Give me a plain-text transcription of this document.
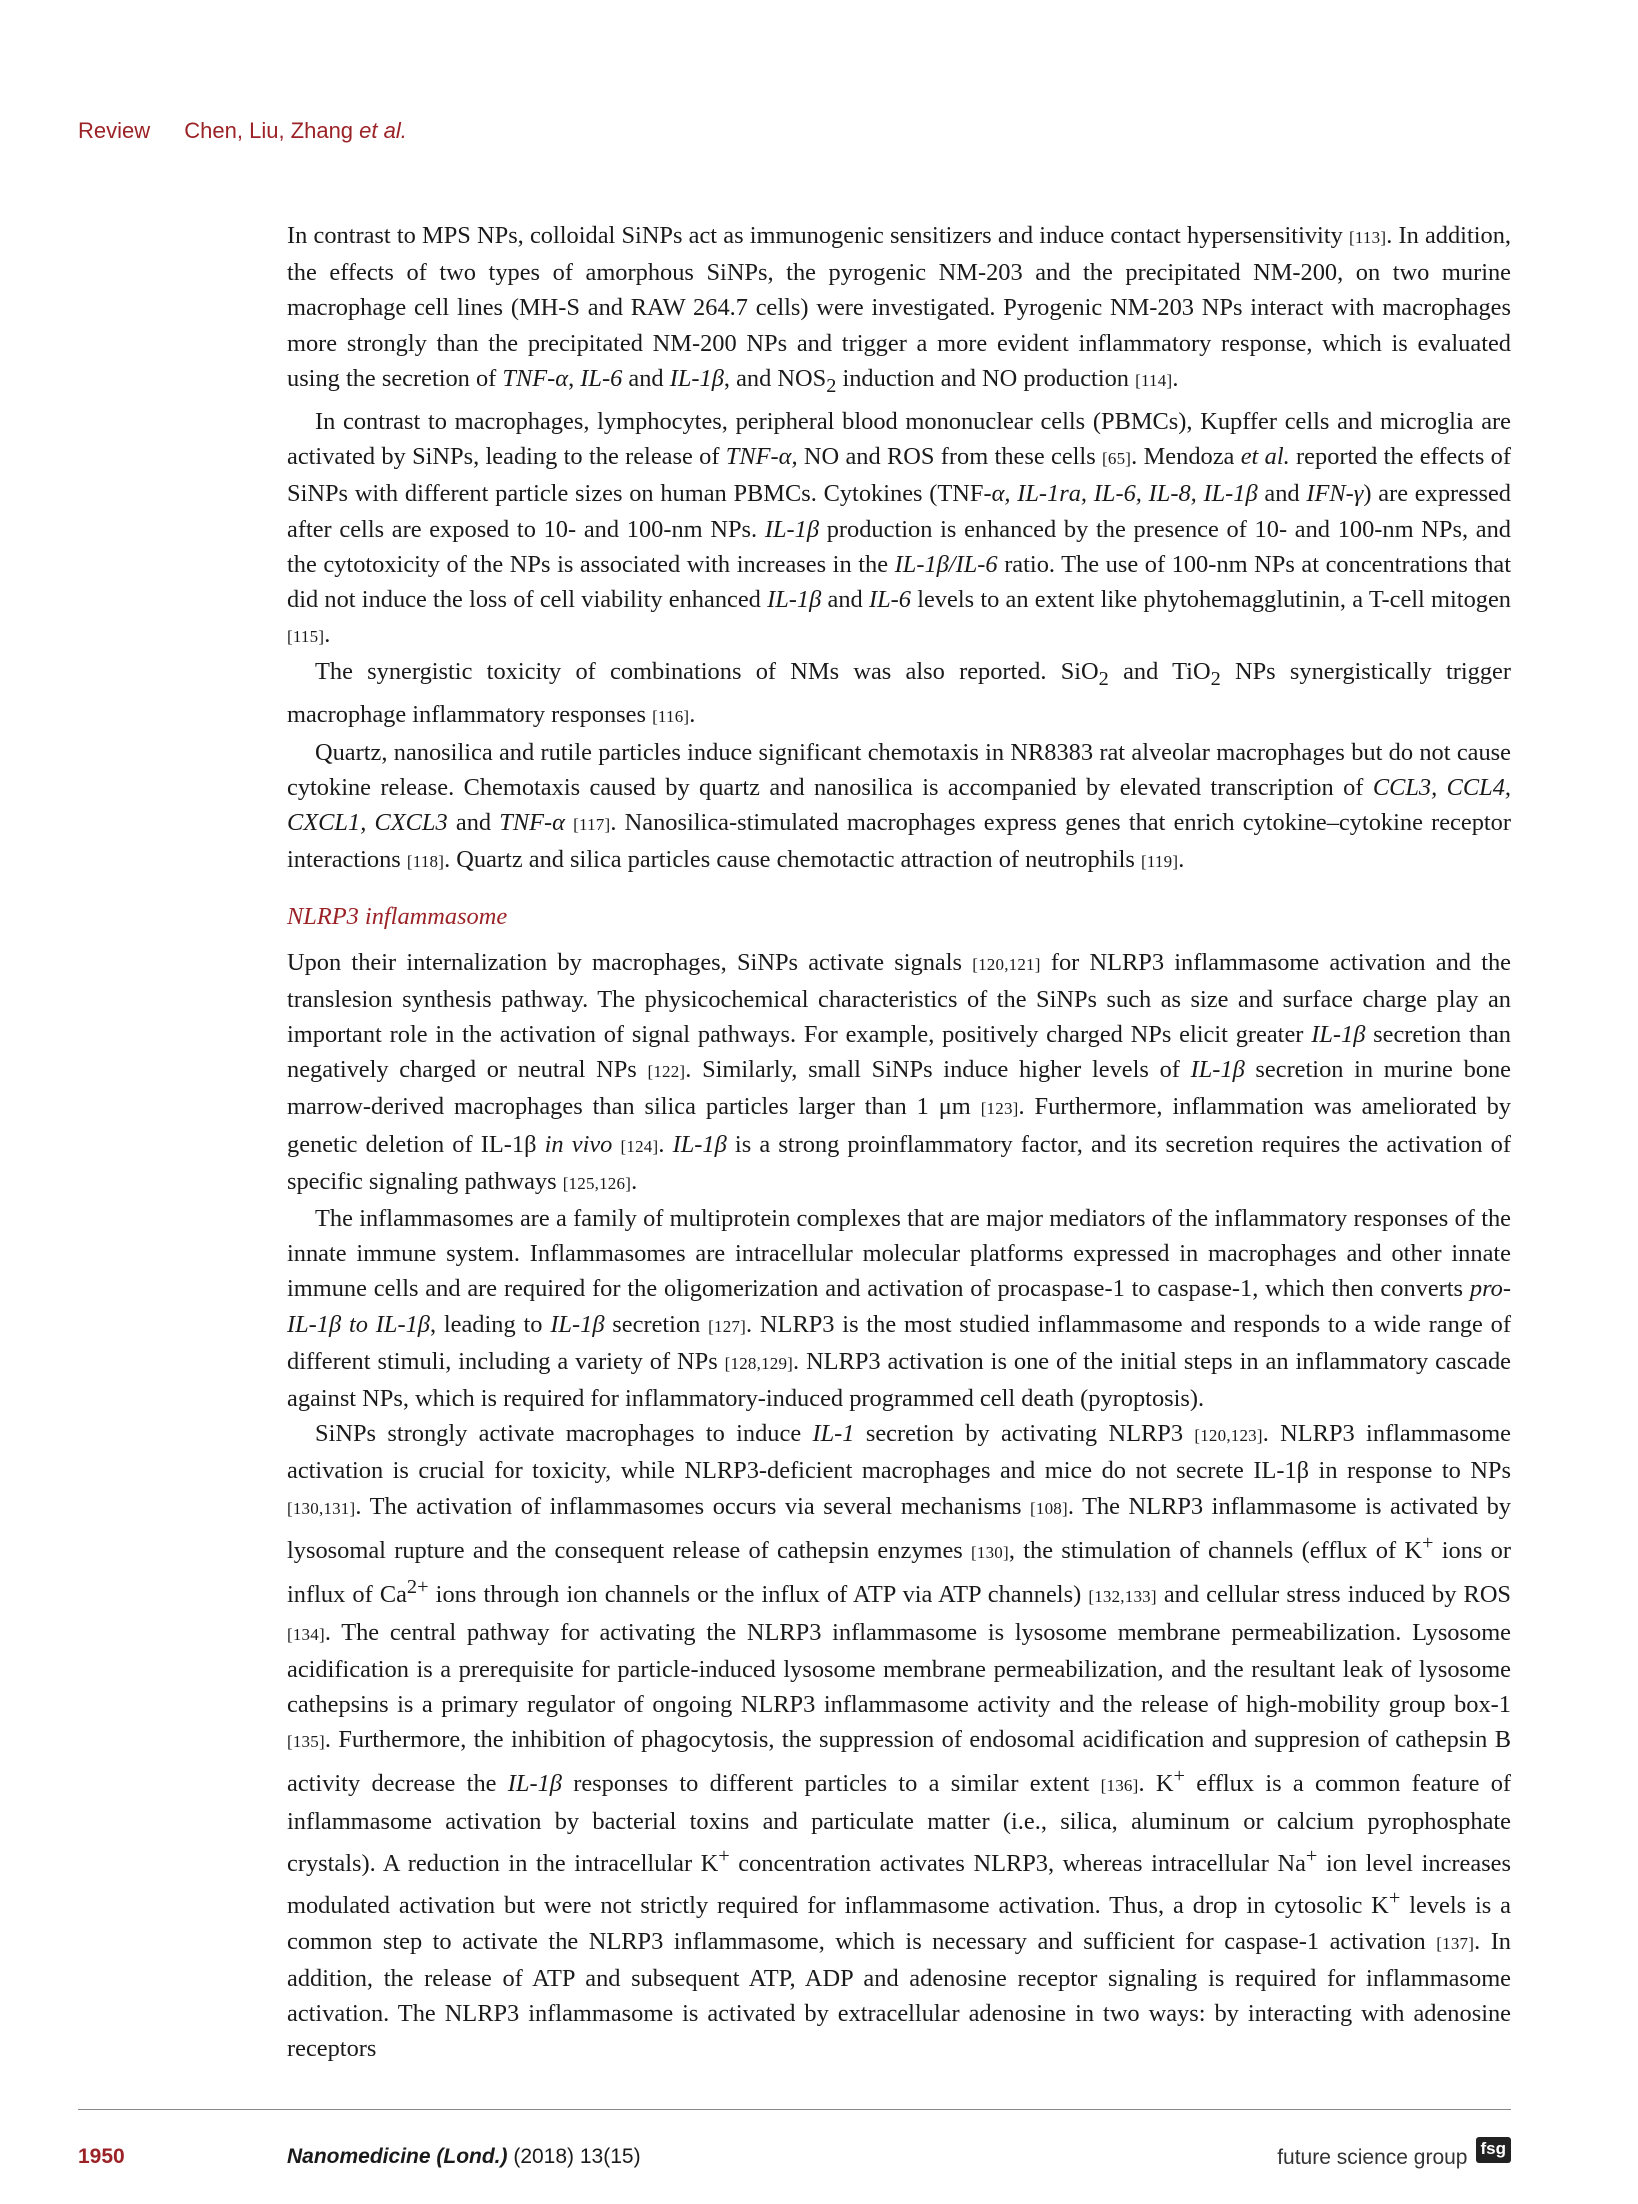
Review Chen, Liu, Zhang et al.

In contrast to MPS NPs, colloidal SiNPs act as immunogenic sensitizers and induce contact hypersensitivity [113]. In addition, the effects of two types of amorphous SiNPs, the pyrogenic NM-203 and the precipitated NM-200, on two murine macrophage cell lines (MH-S and RAW 264.7 cells) were investigated. Pyrogenic NM-203 NPs interact with macrophages more strongly than the precipitated NM-200 NPs and trigger a more evident inflammatory response, which is evaluated using the secretion of TNF-α, IL-6 and IL-1β, and $NOS_2$ induction and NO production [114].

In contrast to macrophages, lymphocytes, peripheral blood mononuclear cells (PBMCs), Kupffer cells and microglia are activated by SiNPs, leading to the release of TNF-α, NO and ROS from these cells [65]. Mendoza et al. reported the effects of SiNPs with different particle sizes on human PBMCs. Cytokines (TNF-α, IL-1ra, IL-6, IL-8, IL-1β and IFN-γ) are expressed after cells are exposed to 10- and 100-nm NPs. IL-1β production is enhanced by the presence of 10- and 100-nm NPs, and the cytotoxicity of the NPs is associated with increases in the IL-1β/IL-6 ratio. The use of 100-nm NPs at concentrations that did not induce the loss of cell viability enhanced IL-1β and IL-6 levels to an extent like phytohemagglutinin, a T-cell mitogen [115].

The synergistic toxicity of combinations of NMs was also reported. SiO$_2$ and TiO$_2$ NPs synergistically trigger macrophage inflammatory responses [116].

Quartz, nanosilica and rutile particles induce significant chemotaxis in NR8383 rat alveolar macrophages but do not cause cytokine release. Chemotaxis caused by quartz and nanosilica is accompanied by elevated transcription of CCL3, CCL4, CXCL1, CXCL3 and TNF-α [117]. Nanosilica-stimulated macrophages express genes that enrich cytokine–cytokine receptor interactions [118]. Quartz and silica particles cause chemotactic attraction of neutrophils [119].

NLRP3 inflammasome

Upon their internalization by macrophages, SiNPs activate signals [120,121] for NLRP3 inflammasome activation and the translesion synthesis pathway. The physicochemical characteristics of the SiNPs such as size and surface charge play an important role in the activation of signal pathways. For example, positively charged NPs elicit greater IL-1β secretion than negatively charged or neutral NPs [122]. Similarly, small SiNPs induce higher levels of IL-1β secretion in murine bone marrow-derived macrophages than silica particles larger than 1 μm [123]. Furthermore, inflammation was ameliorated by genetic deletion of IL-1β in vivo [124]. IL-1β is a strong proinflammatory factor, and its secretion requires the activation of specific signaling pathways [125,126].

The inflammasomes are a family of multiprotein complexes that are major mediators of the inflammatory responses of the innate immune system. Inflammasomes are intracellular molecular platforms expressed in macrophages and other innate immune cells and are required for the oligomerization and activation of procaspase-1 to caspase-1, which then converts pro-IL-1β to IL-1β, leading to IL-1β secretion [127]. NLRP3 is the most studied inflammasome and responds to a wide range of different stimuli, including a variety of NPs [128,129]. NLRP3 activation is one of the initial steps in an inflammatory cascade against NPs, which is required for inflammatory-induced programmed cell death (pyroptosis).

SiNPs strongly activate macrophages to induce IL-1 secretion by activating NLRP3 [120,123]. NLRP3 inflammasome activation is crucial for toxicity, while NLRP3-deficient macrophages and mice do not secrete IL-1β in response to NPs [130,131]. The activation of inflammasomes occurs via several mechanisms [108]. The NLRP3 inflammasome is activated by lysosomal rupture and the consequent release of cathepsin enzymes [130], the stimulation of channels (efflux of K+ ions or influx of $Ca^{2+}$ ions through ion channels or the influx of ATP via ATP channels) [132,133] and cellular stress induced by ROS [134]. The central pathway for activating the NLRP3 inflammasome is lysosome membrane permeabilization. Lysosome acidification is a prerequisite for particle-induced lysosome membrane permeabilization, and the resultant leak of lysosome cathepsins is a primary regulator of ongoing NLRP3 inflammasome activity and the release of high-mobility group box-1 [135]. Furthermore, the inhibition of phagocytosis, the suppression of endosomal acidification and suppresion of cathepsin B activity decrease the IL-1β responses to different particles to a similar extent [136]. K+ efflux is a common feature of inflammasome activation by bacterial toxins and particulate matter (i.e., silica, aluminum or calcium pyrophosphate crystals). A reduction in the intracellular K+ concentration activates NLRP3, whereas intracellular Na+ ion level increases modulated activation but were not strictly required for inflammasome activation. Thus, a drop in cytosolic K+ levels is a common step to activate the NLRP3 inflammasome, which is necessary and sufficient for caspase-1 activation [137]. In addition, the release of ATP and subsequent ATP, ADP and adenosine receptor signaling is required for inflammasome activation. The NLRP3 inflammasome is activated by extracellular adenosine in two ways: by interacting with adenosine receptors

1950	Nanomedicine (Lond.) (2018) 13(15)	future science group fsg
